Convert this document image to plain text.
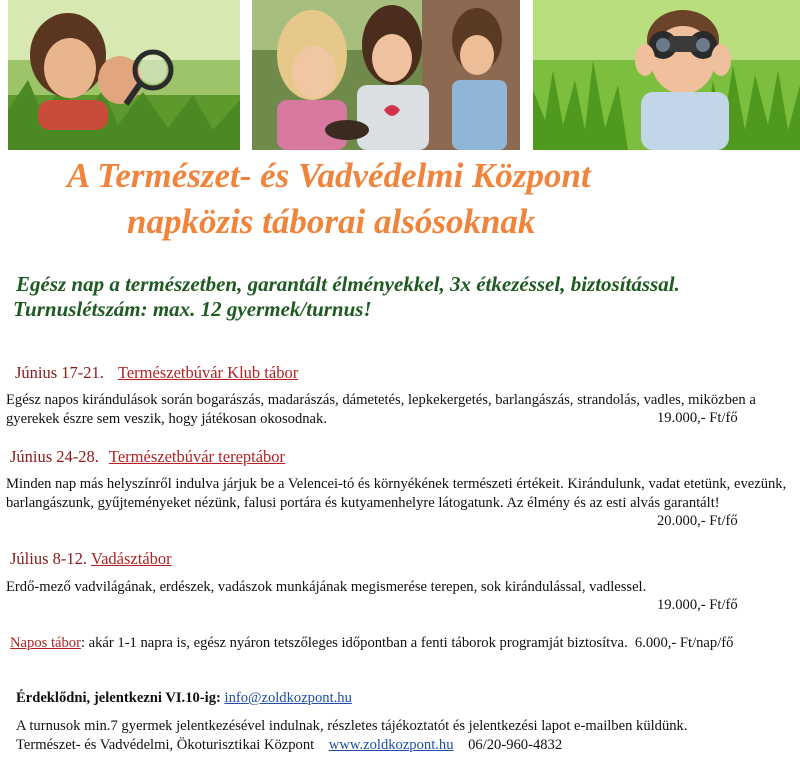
A Természet- és Vadvédelmi Központ
napközis táborai alsósoknak
Egész nap a természetben, garantált élményekkel, 3x étkezéssel, biztosítással.
Turnuslétszám: max. 12 gyermek/turnus!
Június 17-21. Természetbúvár Klub tábor
Egész napos kirándulások során bogarászás, madarászás, dámetetés, lepkekergetés, barlangászás, strandolás, vadles, miközben a gyerekek észre sem veszik, hogy játékosan okosodnak.	19.000,- Ft/fő
Június 24-28. Természetbúvár tereptábor
Minden nap más helyszínről indulva járjuk be a Velencei-tó és környékének természeti értékeit. Kirándulunk, vadat etetünk, evezünk, barlangászunk, gyűjteményeket nézünk, falusi portára és kutyamenhelyre látogatunk. Az élmény és az esti alvás garantált!
20.000,- Ft/fő
Július 8-12. Vadásztábor
Erdő-mező vadvilágának, erdészek, vadászok munkájának megismerése terepen, sok kirándulással, vadlessel.
19.000,- Ft/fő
Napos tábor: akár 1-1 napra is, egész nyáron tetszőleges időpontban a fenti táborok programját biztosítva. 6.000,- Ft/nap/fő
Érdeklődni, jelentkezni VI.10-ig: info@zoldkozpont.hu
A turnusok min.7 gyermek jelentkezésével indulnak, részletes tájékoztatót és jelentkezési lapot e-mailben küldünk.
Természet- és Vadvédelmi, Ökoturisztikai Központ www.zoldkozpont.hu 06/20-960-4832
